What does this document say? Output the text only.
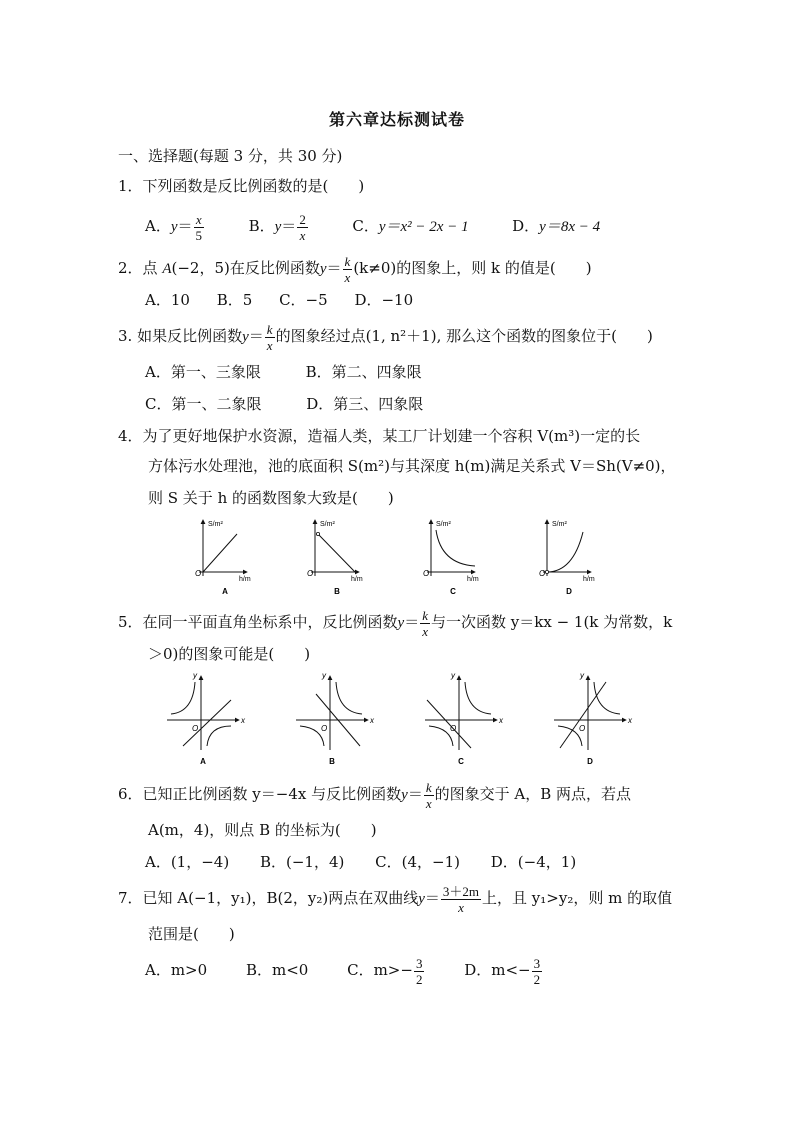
第六章达标测试卷
一、选择题(每题 3 分，共 30 分)
1．下列函数是反比例函数的是(　　)
A．$y= \frac{x}{5}$	B．$y= \frac{2}{x}$	C．y＝x² − 2x − 1	D．y＝8x − 4
2．点 A(−2，5)在反比例函数$y= \frac{k}{x} (k\ne 0)$的图象上，则 k 的值是(　　)
A．10 B．5 C．−5 D．−10
3. 如果反比例函数$y= \frac{k}{x}$ 的图象经过点(1, n²＋1), 那么这个函数的图象位于(　　)
A．第一、三象限	B．第二、四象限
C．第一、二象限	D．第三、四象限
4．为了更好地保护水资源，造福人类，某工厂计划建一个容积 V(m³)一定的长
方体污水处理池，池的底面积 S(m²)与其深度 h(m)满足关系式 V＝Sh(V≠0)，
则 S 关于 h 的函数图象大致是(　　)
S/m²
h/m
O
A
S/m²
h/m
O
B
S/m²
h/m
O
C
S/m²
h/m
O
D
5．在同一平面直角坐标系中，反比例函数$y= \frac{k}{x}$ 与一次函数 y＝kx − 1(k 为常数，k
＞0)的图象可能是(　　)
x
y
O
A
x
y
O
B
x
y
O
C
x
y
O
D
6．已知正比例函数 y＝−4x 与反比例函数$y= \frac{k}{x}$ 的图象交于 A，B 两点，若点
A(m，4)，则点 B 的坐标为(　　)
A．(1，−4) B．(−1，4) C．(4，−1) D．(−4，1)
7．已知 A(−1，y₁)，B(2，y₂)两点在双曲线$y= \frac{3+2m}{x}$ 上，且 y₁>y₂，则 m 的取值
范围是(　　)
A．m>0	B．m<0	C．$m>- \frac{3}{2}$	D．$m<- \frac{3}{2}$
